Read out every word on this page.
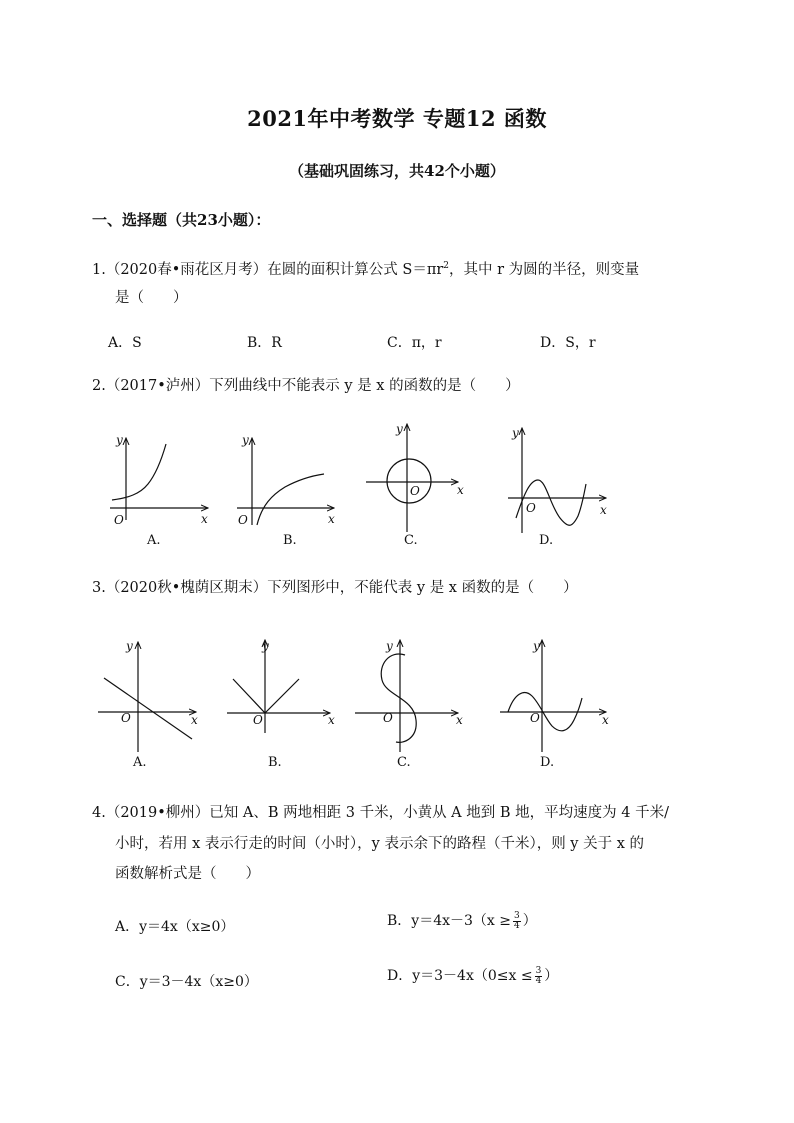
2021年中考数学 专题12 函数
（基础巩固练习，共42个小题）
一、选择题（共23小题）：
1.（2020春•雨花区月考）在圆的面积计算公式 $S=\pi r^2$，其中 r 为圆的半径，则变量
是（　　）
A．S	B．R	C．π，r	D．S，r
2.（2017•泸州）下列曲线中不能表示 y 是 x 的函数的是（　　）
y
x
O
y
x
O
y
x
O
y
x
O
y
x
O
y
x
O
y
x
O
y
x
O
A.	B.	C.	D.
3.（2020秋•槐荫区期末）下列图形中，不能代表 y 是 x 函数的是（　　）
A.	B.	C.	D.
4.（2019•柳州）已知 A、B 两地相距 3 千米，小黄从 A 地到 B 地，平均速度为 4 千米/
小时，若用 x 表示行走的时间（小时），y 表示余下的路程（千米），则 y 关于 x 的
函数解析式是（　　）
A．y＝4x（x≥0）	B．$y=4x-3(x \ge \frac{3}{4}$ ）
C．y＝3－4x（x≥0）	D．$y=3-4x(0\le x \le \frac{3}{4}$ ）
